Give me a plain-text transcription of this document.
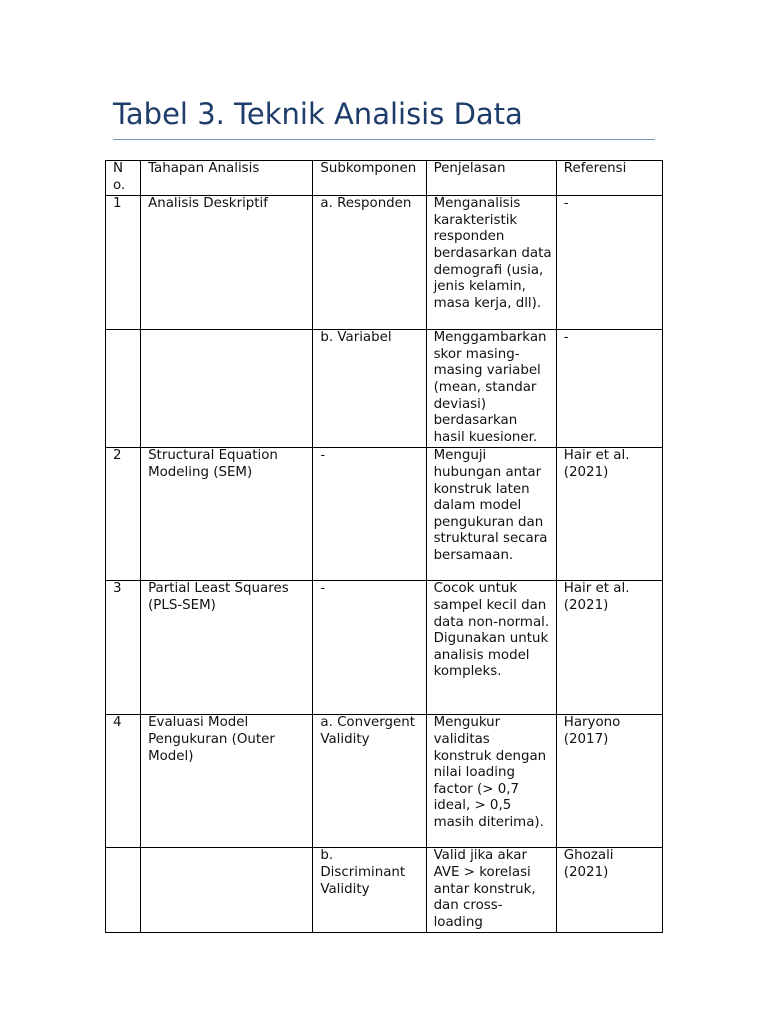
Tabel 3. Teknik Analisis Data
No.	Tahapan Analisis	Subkomponen	Penjelasan	Referensi
1	Analisis Deskriptif	a. Responden	Menganalisis karakteristik responden berdasarkan data demografi (usia, jenis kelamin, masa kerja, dll).	-
		b. Variabel	Menggambarkan skor masing-masing variabel (mean, standar deviasi) berdasarkan hasil kuesioner.	-
2	Structural Equation Modeling (SEM)	-	Menguji hubungan antar konstruk laten dalam model pengukuran dan struktural secara bersamaan.	Hair et al. (2021)
3	Partial Least Squares (PLS-SEM)	-	Cocok untuk sampel kecil dan data non-normal. Digunakan untuk analisis model kompleks.	Hair et al. (2021)
4	Evaluasi Model Pengukuran (Outer Model)	a. Convergent Validity	Mengukur validitas konstruk dengan nilai loading factor (> 0,7 ideal, > 0,5 masih diterima).	Haryono (2017)
		b. Discriminant Validity	Valid jika akar AVE > korelasi antar konstruk, dan cross-loading	Ghozali (2021)
